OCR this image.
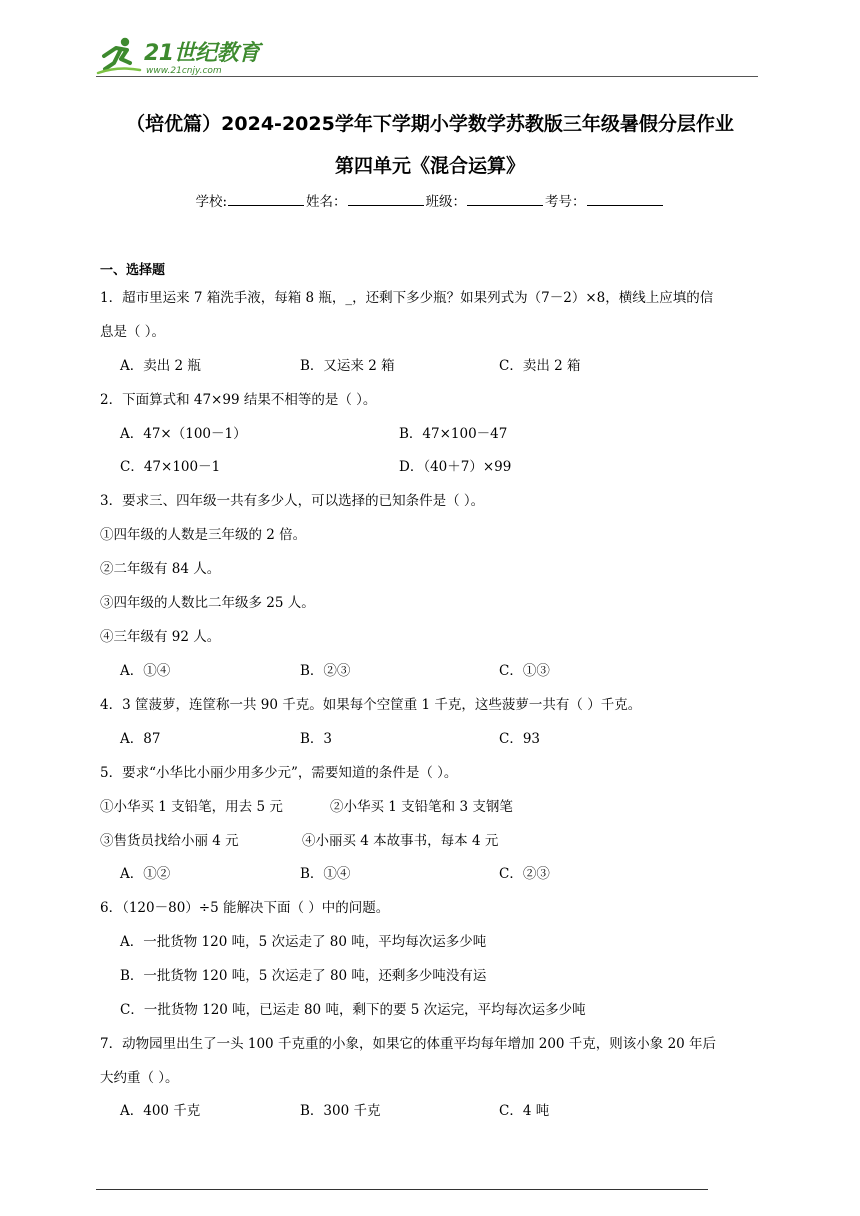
21世纪教育
www.21cnjy.com
（培优篇）2024-2025学年下学期小学数学苏教版三年级暑假分层作业
第四单元《混合运算》
学校:	姓名：	班级：	考号：
一、选择题
1．超市里运来 7 箱洗手液，每箱 8 瓶，_，还剩下多少瓶？如果列式为（7－2）×8，横线上应填的信
息是（ ）。
A．卖出 2 瓶	B．又运来 2 箱	C．卖出 2 箱
2．下面算式和 47×99 结果不相等的是（ ）。
A．47×（100－1）	B．47×100－47
C．47×100－1	D．（40＋7）×99
3．要求三、四年级一共有多少人，可以选择的已知条件是（ ）。
①四年级的人数是三年级的 2 倍。
②二年级有 84 人。
③四年级的人数比二年级多 25 人。
④三年级有 92 人。
A．①④	B．②③	C．①③
4．3 筐菠萝，连筐称一共 90 千克。如果每个空筐重 1 千克，这些菠萝一共有（ ）千克。
A．87	B．3	C．93
5．要求“小华比小丽少用多少元”，需要知道的条件是（ ）。
①小华买 1 支铅笔，用去 5 元	②小华买 1 支铅笔和 3 支钢笔
③售货员找给小丽 4 元	④小丽买 4 本故事书，每本 4 元
A．①②	B．①④	C．②③
6．（120－80）÷5 能解决下面（ ）中的问题。
A．一批货物 120 吨，5 次运走了 80 吨，平均每次运多少吨
B．一批货物 120 吨，5 次运走了 80 吨，还剩多少吨没有运
C．一批货物 120 吨，已运走 80 吨，剩下的要 5 次运完，平均每次运多少吨
7．动物园里出生了一头 100 千克重的小象，如果它的体重平均每年增加 200 千克，则该小象 20 年后
大约重（ ）。
A．400 千克	B．300 千克	C．4 吨
